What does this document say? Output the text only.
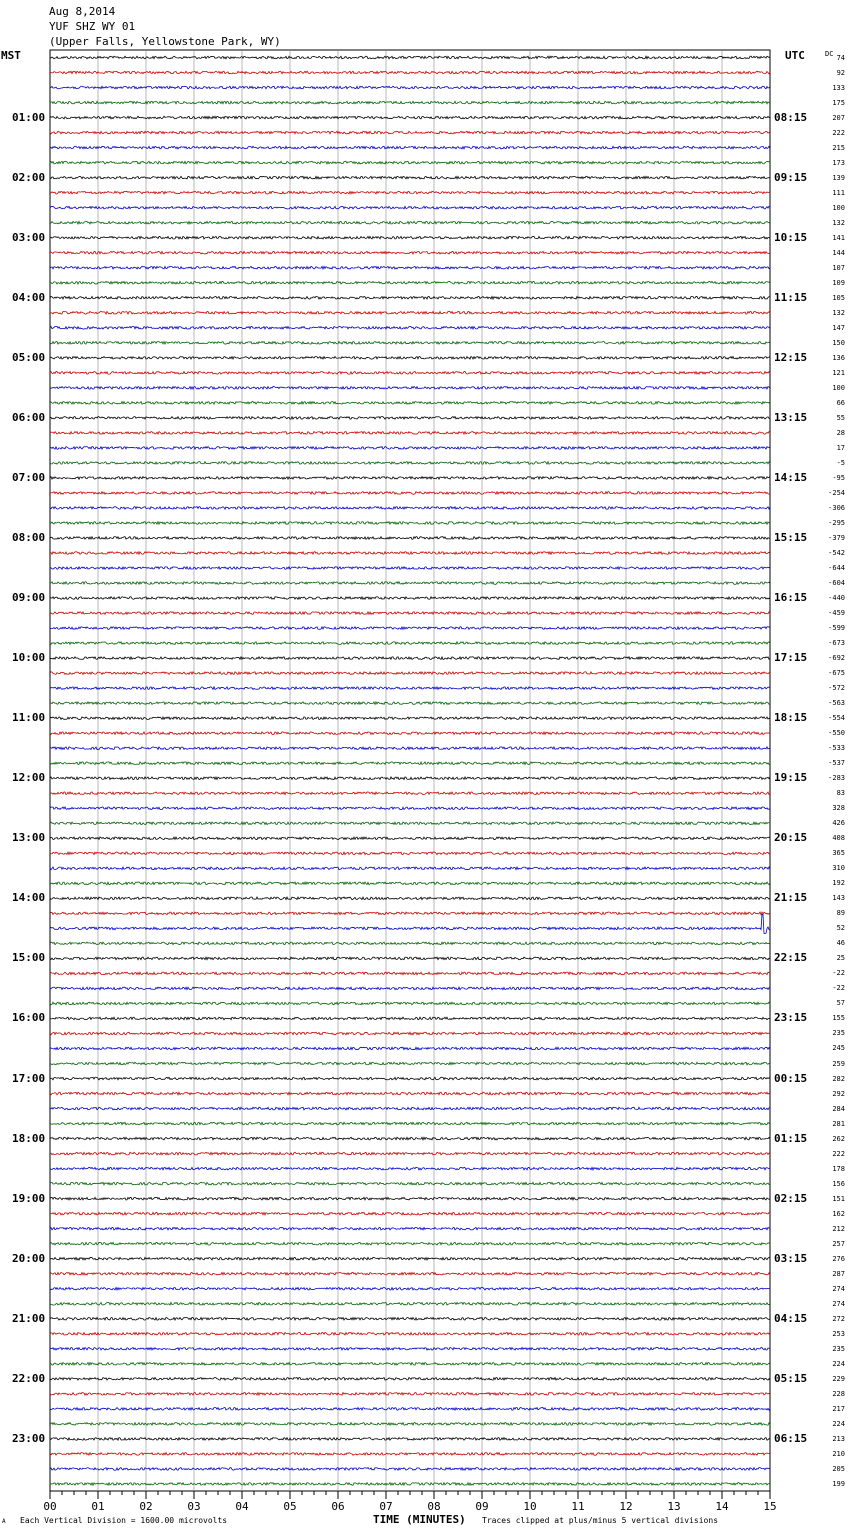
Aug 8,2014
YUF SHZ WY 01
(Upper Falls, Yellowstone Park, WY)
MST	UTC	DC 74
92
133
175
207
222
215
173
139
111
100
132
141
144
107
109
105
132
147
150
136
121
100
66
55
28
17
-5
-95
-254
-306
-295
-379
-542
-644
-604
-440
-459
-599
-673
-692
-675
-572
-563
-554
-550
-533
-537
-283
83
328
426
408
365
310
192
143
89
52
46
25
-22
-22
57
155
235
245
259
282
292
284
281
262
222
178
156
151
162
212
257
276
287
274
274
272
253
235
224
229
228
217
224
213
210
205
199
01:00
02:00
03:00
04:00
05:00
06:00
07:00
08:00
09:00
10:00
11:00
12:00
13:00
14:00
15:00
16:00
17:00
18:00
19:00
20:00
21:00
22:00
23:00
08:15
09:15
10:15
11:15
12:15
13:15
14:15
15:15
16:15
17:15
18:15
19:15
20:15
21:15
22:15
23:15
00:15
01:15
02:15
03:15
04:15
05:15
06:15
00	01	02	03	04	05	06	07	08	09	10	11	12	13	14	15
TIME (MINUTES)
A Each Vertical Division = 1600.00 microvolts	Traces clipped at plus/minus 5 vertical divisions
